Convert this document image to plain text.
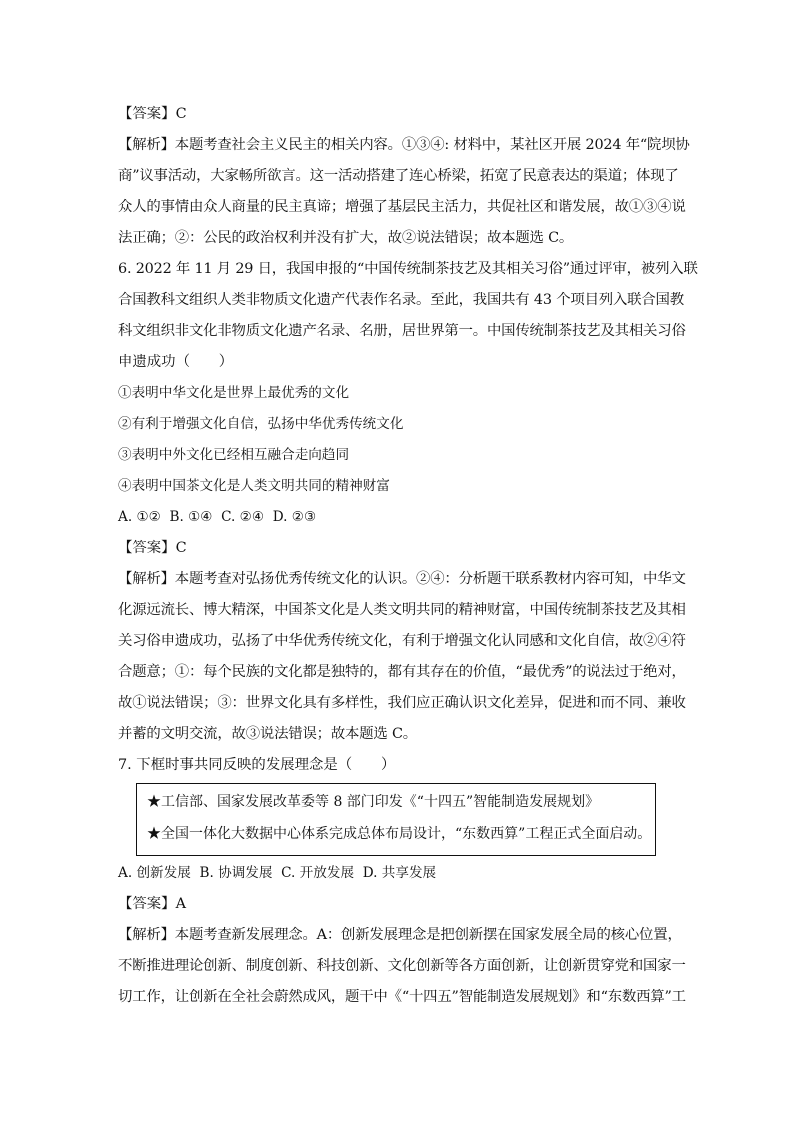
【答案】C
【解析】本题考查社会主义民主的相关内容。①③④: 材料中，某社区开展 2024 年“院坝协
商”议事活动，大家畅所欲言。这一活动搭建了连心桥梁，拓宽了民意表达的渠道；体现了
众人的事情由众人商量的民主真谛；增强了基层民主活力，共促社区和谐发展，故①③④说
法正确；②：公民的政治权利并没有扩大，故②说法错误；故本题选 C。
6. 2022 年 11 月 29 日，我国申报的“中国传统制茶技艺及其相关习俗”通过评审，被列入联
合国教科文组织人类非物质文化遗产代表作名录。至此，我国共有 43 个项目列入联合国教
科文组织非文化非物质文化遗产名录、名册，居世界第一。中国传统制茶技艺及其相关习俗
申遗成功（　　）
①表明中华文化是世界上最优秀的文化
②有利于增强文化自信，弘扬中华优秀传统文化
③表明中外文化已经相互融合走向趋同
④表明中国茶文化是人类文明共同的精神财富
A. ①②  B. ①④  C. ②④  D. ②③
【答案】C
【解析】本题考查对弘扬优秀传统文化的认识。②④：分析题干联系教材内容可知，中华文
化源远流长、博大精深，中国茶文化是人类文明共同的精神财富，中国传统制茶技艺及其相
关习俗申遗成功，弘扬了中华优秀传统文化，有利于增强文化认同感和文化自信，故②④符
合题意；①：每个民族的文化都是独特的，都有其存在的价值，“最优秀”的说法过于绝对，
故①说法错误；③：世界文化具有多样性，我们应正确认识文化差异，促进和而不同、兼收
并蓄的文明交流，故③说法错误；故本题选 C。
7. 下框时事共同反映的发展理念是（　　）
★工信部、国家发展改革委等 8 部门印发《“十四五”智能制造发展规划》
★全国一体化大数据中心体系完成总体布局设计，“东数西算”工程正式全面启动。
A. 创新发展  B. 协调发展  C. 开放发展  D. 共享发展
【答案】A
【解析】本题考查新发展理念。A：创新发展理念是把创新摆在国家发展全局的核心位置，
不断推进理论创新、制度创新、科技创新、文化创新等各方面创新，让创新贯穿党和国家一
切工作，让创新在全社会蔚然成风，题干中《“十四五”智能制造发展规划》和“东数西算”工
